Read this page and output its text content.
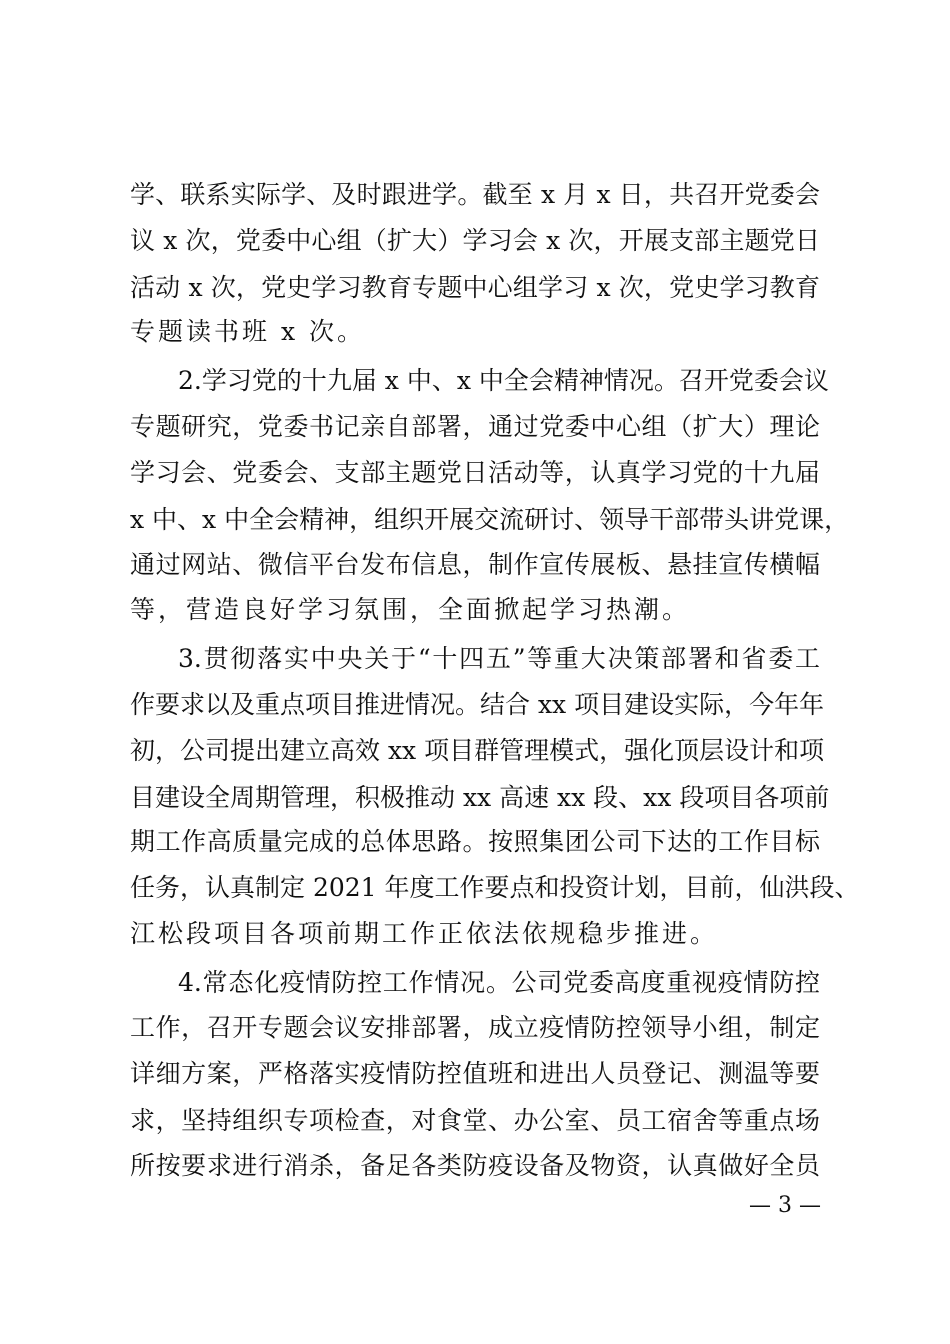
学、联系实际学、及时跟进学。截至 x 月 x 日，共召开党委会
议 x 次，党委中心组（扩大）学习会 x 次，开展支部主题党日
活动 x 次，党史学习教育专题中心组学习 x 次，党史学习教育
专题读书班 x 次。
2.学习党的十九届 x 中、x 中全会精神情况。召开党委会议
专题研究，党委书记亲自部署，通过党委中心组（扩大）理论
学习会、党委会、支部主题党日活动等，认真学习党的十九届
x 中、x 中全会精神，组织开展交流研讨、领导干部带头讲党课，
通过网站、微信平台发布信息，制作宣传展板、悬挂宣传横幅
等，营造良好学习氛围，全面掀起学习热潮。
3.贯彻落实中央关于“十四五”等重大决策部署和省委工
作要求以及重点项目推进情况。结合 xx 项目建设实际，今年年
初，公司提出建立高效 xx 项目群管理模式，强化顶层设计和项
目建设全周期管理，积极推动 xx 高速 xx 段、xx 段项目各项前
期工作高质量完成的总体思路。按照集团公司下达的工作目标
任务，认真制定 2021 年度工作要点和投资计划，目前，仙洪段、
江松段项目各项前期工作正依法依规稳步推进。
4.常态化疫情防控工作情况。公司党委高度重视疫情防控
工作，召开专题会议安排部署，成立疫情防控领导小组，制定
详细方案，严格落实疫情防控值班和进出人员登记、测温等要
求，坚持组织专项检查，对食堂、办公室、员工宿舍等重点场
所按要求进行消杀，备足各类防疫设备及物资，认真做好全员
— 3 —
